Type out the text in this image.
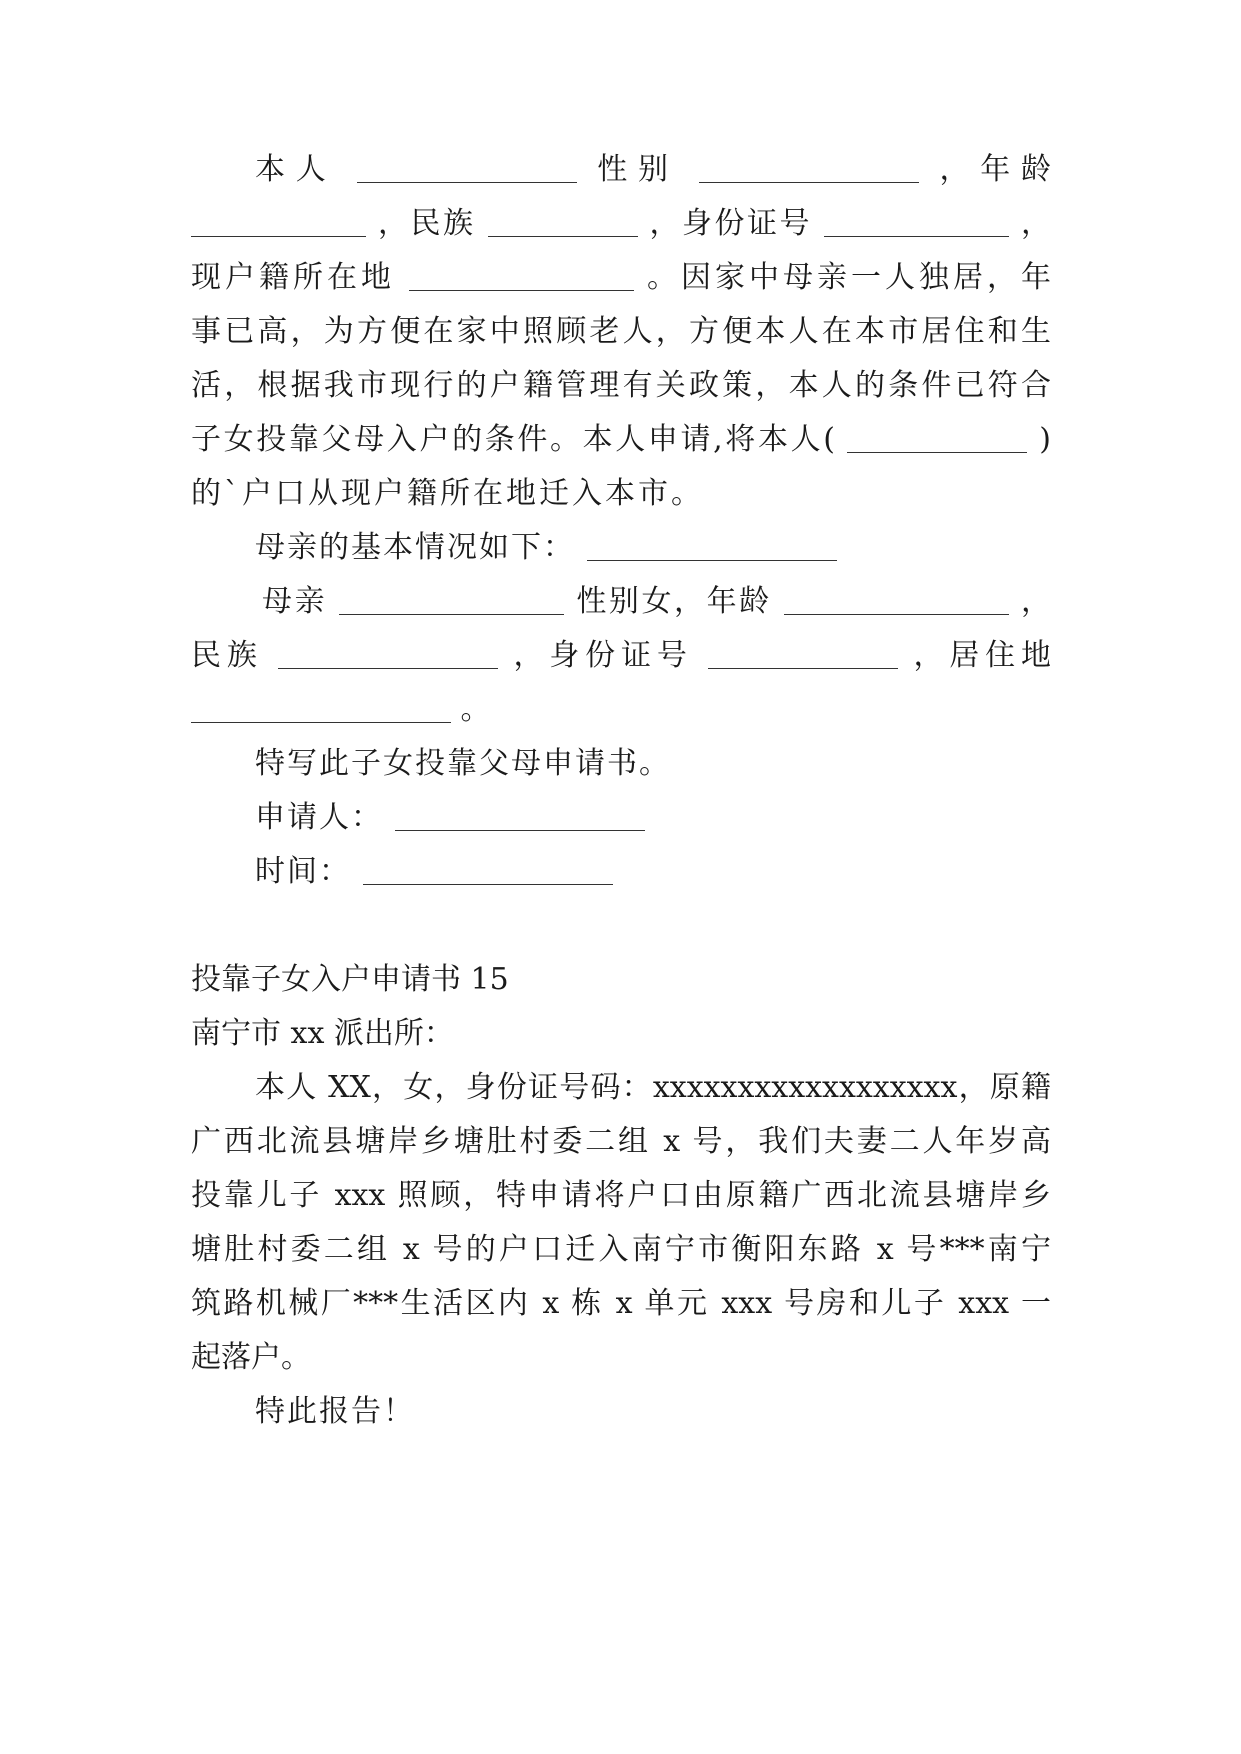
本人	性别	，年龄
，民族	，身份证号	，
现户籍所在地	。因家中母亲一人独居，年
事已高，为方便在家中照顾老人，方便本人在本市居住和生
活，根据我市现行的户籍管理有关政策，本人的条件已符合
子女投靠父母入户的条件。本人申请,将本人(	)
的`户口从现户籍所在地迁入本市。
母亲的基本情况如下：
母亲	性别女，年龄	，
民族	，身份证号	，居住地
。
特写此子女投靠父母申请书。
申请人：
时间：
投靠子女入户申请书 15
南宁市 xx 派出所：
本人 XX，女，身份证号码：xxxxxxxxxxxxxxxxxx，原籍
广西北流县塘岸乡塘肚村委二组 x 号，我们夫妻二人年岁高
投靠儿子 xxx 照顾，特申请将户口由原籍广西北流县塘岸乡
塘肚村委二组 x 号的户口迁入南宁市衡阳东路 x 号***南宁
筑路机械厂***生活区内 x 栋 x 单元 xxx 号房和儿子 xxx 一
起落户。
特此报告！
